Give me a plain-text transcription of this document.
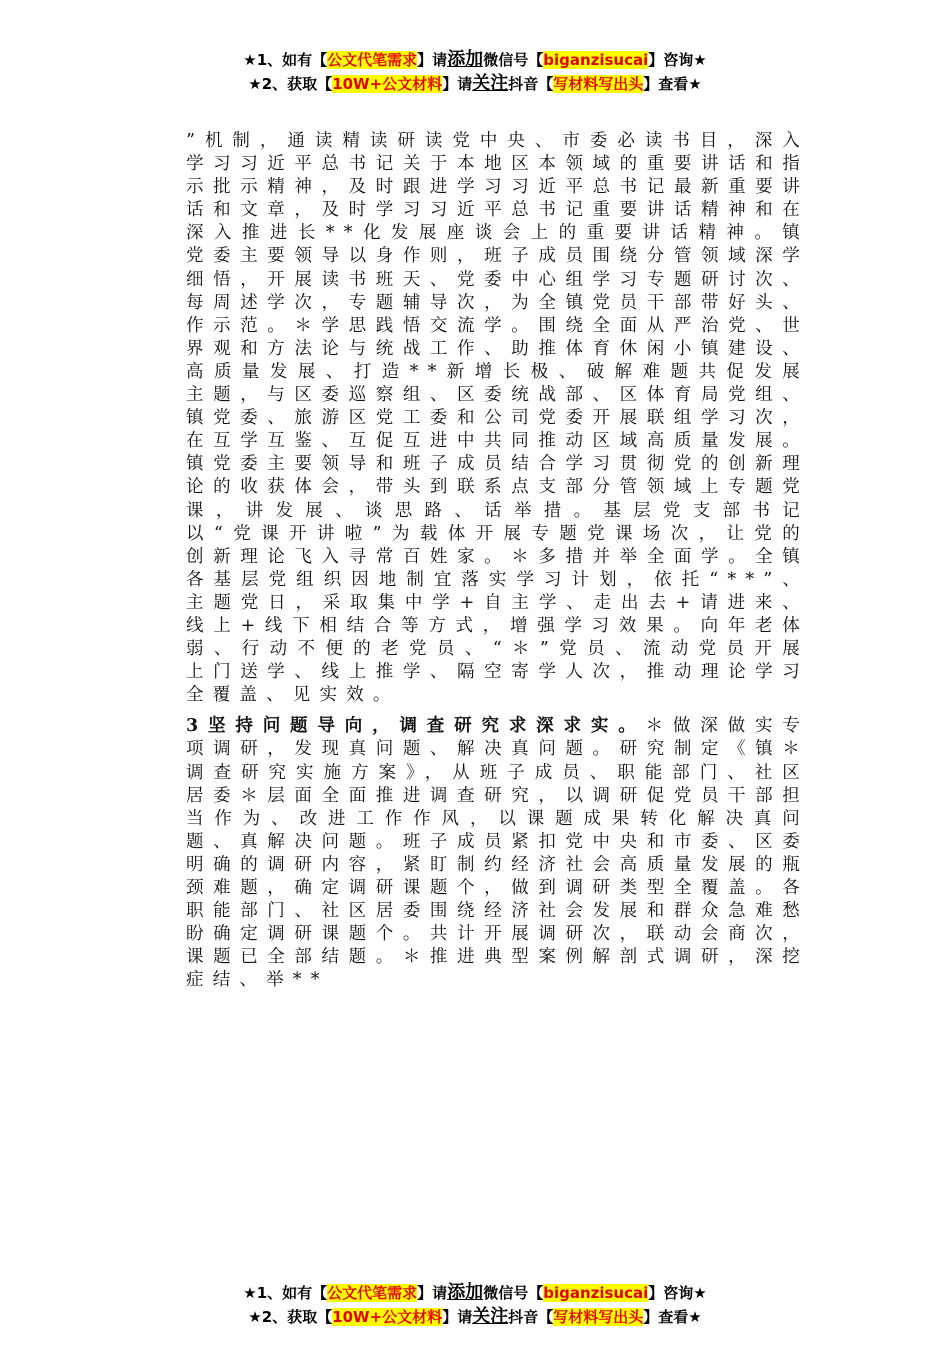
★1、如有【公文代笔需求】请添加微信号【biganzisucai】咨询★
★2、获取【10W+公文材料】请关注抖音【写材料写出头】查看★

”机制，通读精读研读党中央、市委必读书目，深入学习习近平总书记关于本地区本领域的重要讲话和指示批示精神，及时跟进学习习近平总书记最新重要讲话和文章，及时学习习近平总书记重要讲话精神和在深入推进长**化发展座谈会上的重要讲话精神。镇党委主要领导以身作则，班子成员围绕分管领域深学细悟，开展读书班天、党委中心组学习专题研讨次、每周述学次，专题辅导次，为全镇党员干部带好头、作示范。＊学思践悟交流学。围绕全面从严治党、世界观和方法论与统战工作、助推体育休闲小镇建设、高质量发展、打造**新增长极、破解难题共促发展主题，与区委巡察组、区委统战部、区体育局党组、镇党委、旅游区党工委和公司党委开展联组学习次，在互学互鉴、互促互进中共同推动区域高质量发展。镇党委主要领导和班子成员结合学习贯彻党的创新理论的收获体会，带头到联系点支部分管领域上专题党课，讲发展、谈思路、话举措。基层党支部书记以“党课开讲啦”为载体开展专题党课场次，让党的创新理论飞入寻常百姓家。＊多措并举全面学。全镇各基层党组织因地制宜落实学习计划，依托“**”、主题党日，采取集中学+自主学、走出去+请进来、线上+线下相结合等方式，增强学习效果。向年老体弱、行动不便的老党员、“＊”党员、流动党员开展上门送学、线上推学、隔空寄学人次，推动理论学习全覆盖、见实效。

3坚持问题导向，调查研究求深求实。＊做深做实专项调研，发现真问题、解决真问题。研究制定《镇＊调查研究实施方案》，从班子成员、职能部门、社区居委＊层面全面推进调查研究，以调研促党员干部担当作为、改进工作作风，以课题成果转化解决真问题、真解决问题。班子成员紧扣党中央和市委、区委明确的调研内容，紧盯制约经济社会高质量发展的瓶颈难题，确定调研课题个，做到调研类型全覆盖。各职能部门、社区居委围绕经济社会发展和群众急难愁盼确定调研课题个。共计开展调研次，联动会商次，课题已全部结题。＊推进典型案例解剖式调研，深挖症结、举**

★1、如有【公文代笔需求】请添加微信号【biganzisucai】咨询★
★2、获取【10W+公文材料】请关注抖音【写材料写出头】查看★
